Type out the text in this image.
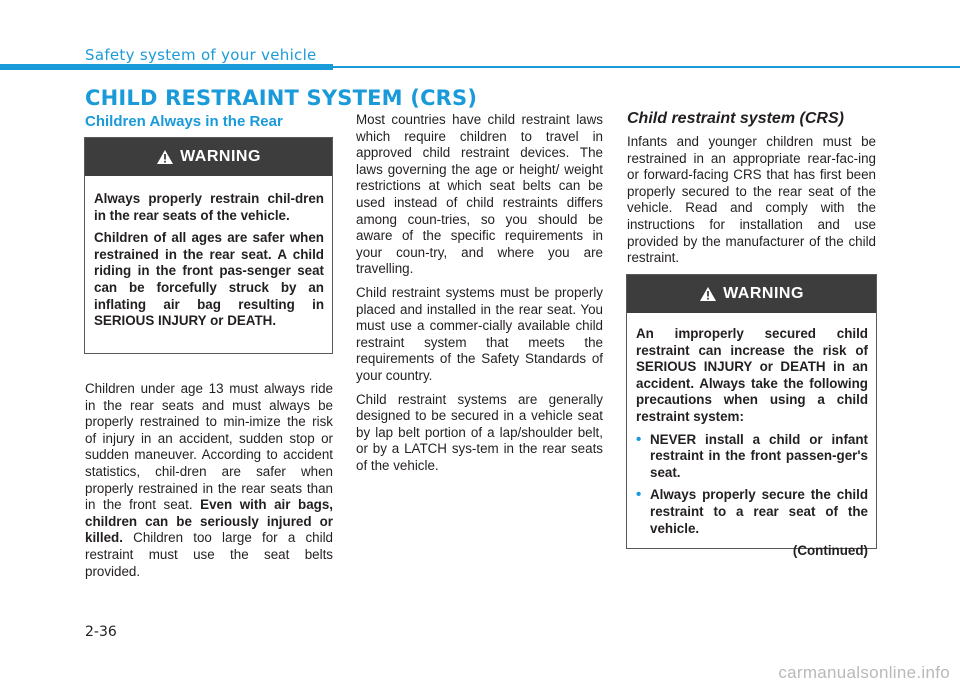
Safety system of your vehicle
CHILD RESTRAINT SYSTEM (CRS)
Children Always in the Rear
WARNING

Always properly restrain chil-dren in the rear seats of the vehicle.

Children of all ages are safer when restrained in the rear seat. A child riding in the front pas-senger seat can be forcefully struck by an inflating air bag resulting in SERIOUS INJURY or DEATH.

Children under age 13 must always ride in the rear seats and must always be properly restrained to min-imize the risk of injury in an accident, sudden stop or sudden maneuver. According to accident statistics, chil-dren are safer when properly restrained in the rear seats than in the front seat. Even with air bags, children can be seriously injured or killed. Children too large for a child restraint must use the seat belts provided.

Most countries have child restraint laws which require children to travel in approved child restraint devices. The laws governing the age or height/ weight restrictions at which seat belts can be used instead of child restraints differs among coun-tries, so you should be aware of the specific requirements in your coun-try, and where you are travelling.

Child restraint systems must be properly placed and installed in the rear seat. You must use a commer-cially available child restraint system that meets the requirements of the Safety Standards of your country.

Child restraint systems are generally designed to be secured in a vehicle seat by lap belt portion of a lap/shoulder belt, or by a LATCH sys-tem in the rear seats of the vehicle.

Child restraint system (CRS)

Infants and younger children must be restrained in an appropriate rear-fac-ing or forward-facing CRS that has first been properly secured to the rear seat of the vehicle. Read and comply with the instructions for installation and use provided by the manufacturer of the child restraint.

WARNING

An improperly secured child restraint can increase the risk of SERIOUS INJURY or DEATH in an accident. Always take the following precautions when using a child restraint system:

• NEVER install a child or infant restraint in the front passen-ger's seat.
• Always properly secure the child restraint to a rear seat of the vehicle.
(Continued)
2-36
carmanualsonline.info
